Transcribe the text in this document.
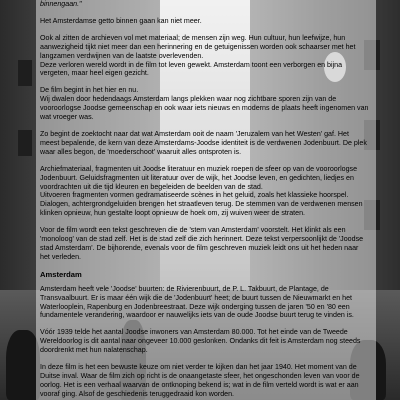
binnengaan."

Het Amsterdamse getto binnen gaan kan niet meer.

Ook al zitten de archieven vol met materiaal; de mensen zijn weg. Hun cultuur, hun leefwijze, hun aanwezigheid tijkt niet meer dan een herinnering en de getuigenissen worden ook schaarser met het langzamen verdwijnen van de laatste overlevenden.

Deze verloren wereld wordt in de film tot leven gewekt. Amsterdam toont een verborgen en bijna vergeten, maar heel eigen gezicht.

De film begint in het hier en nu.

Wij dwalen door hedendaags Amsterdam langs plekken waar nog zichtbare sporen zijn van de vooroorlogse Joodse gemeenschap en ook waar iets nieuws en moderns de plaats heeft ingenomen van wat vroeger was.

Zo begint de zoektocht naar dat wat Amsterdam ooit de naam 'Jeruzalem van het Westen' gaf. Het meest bepalende, de kern van deze Amsterdams-Joodse identiteit is de verdwenen Jodenbuurt. De plek waar alles begon, de 'moederschoot' waaruit alles ontsproten is.

Archiefmateriaal, fragmenten uit Joodse literatuur en muziek roepen de sfeer op van de vooroorlogse Jodenbuurt. Geluidsfragmenten uit literatuur over de wijk, het Joodse leven, en gedichten, liedjes en voordrachten uit die tijd kleuren en begeleiden de beelden van de stad.

Uitvoeren fragmenten vormen gedramatiseerde scènes in het geluid, zoals het klassieke hoorspel. Dialogen, achtergrondgeluiden brengen het straatleven terug. De stemmen van de verdwenen mensen klinken opnieuw, hun gestalte loopt opnieuw de hoek om, zij wuiven weer de straten.

Voor de film wordt een tekst geschreven die de 'stem van Amsterdam' voorstelt. Het klinkt als een 'monoloog' van de stad zelf. Het is de stad zelf die zich herinnert. Deze tekst verpersoonlijkt de 'Joodse stad Amsterdam'. De bijhorende, evenals voor de film geschreven muziek leidt ons uit het heden naar het verleden.

Amsterdam

Amsterdam heeft vele 'Joodse' buurten: de Rivierenbuurt, de P. L. Takbuurt, de Plantage, de Transvaalbuurt. Er is maar één wijk die de 'Jodenbuurt' heet; de buurt tussen de Nieuwmarkt en het Waterlooplein, Rapenburg en Jodenbreestraat. Deze wijk onderging tussen de jaren '50 en '80 een fundamentele verandering, waardoor er nauwelijks iets van de oude Joodse buurt terug te vinden is.

Vóór 1939 telde het aantal Joodse inwoners van Amsterdam 80.000. Tot het einde van de Tweede Wereldoorlog is dit aantal naar ongeveer 10.000 geslonken. Ondanks dit feit is Amsterdam nog steeds doordrenkt met hun nalatenschap.

In deze film is het een bewuste keuze om niet verder te kijken dan het jaar 1940. Het moment van de Duitse inval. Waar de film zich op richt is de onaangetaste sfeer, het ongeschonden leven van voor de oorlog. Het is een verhaal waarvan de ontknoping bekend is; wat in de film verteld wordt is wat er aan vooraf ging. Alsof de geschiedenis teruggedraaid kon worden.
